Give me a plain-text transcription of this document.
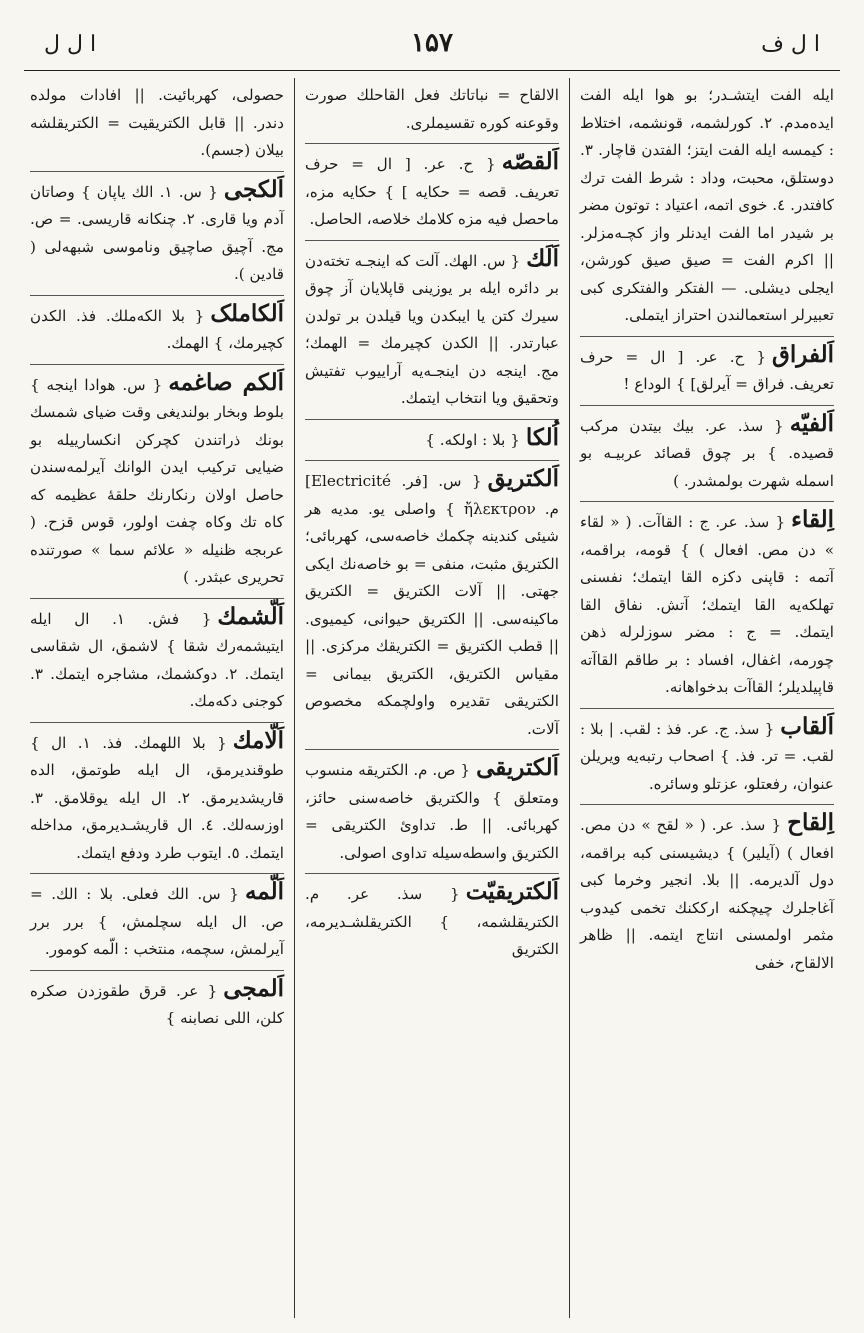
ا ل ف
۱۵۷
ا ل ل

ایله الفت ایتشـدر؛ بو هوا ایله الفت ایده‌مدم. ۲. کورلشمه، قونشمه، اختلاط : کیمسه ایله الفت ایتز؛ الفتدن قاچار. ۳. دوستلق، محبت، وداد : شرط الفت ترك کافتدر. ٤. خوی اتمه، اعتیاد : توتون مضر بر شیدر اما الفت ایدنلر واز کچـه‌مزلر. || اکرم الفت = صیق صیق کورشن، ایجلی دیشلی. — الفتکر والفتکری کبی تعبیرلر استعمالندن احتراز ایتملی.

اَلفراق{ ح. عر. [ ال = حرف تعریف. فراق = آیرلق] } الوداع !

اَلفیّه{ سذ. عر. بیك بیتدن مرکب قصیده. } بر چوق قصائد عربیـه بو اسمله شهرت بولمشدر. )

اِلقاء{ سذ. عر. ج : القاآت. ( « لقاء » دن مص. افعال ) } قومه، براقمه، آتمه : قاپنی دکزه القا ایتمك؛ نفسنی تهلکه‌یه القا ایتمك؛ آتش. نفاق القا ایتمك. = ج : مضر سوزلرله ذهن چورمه، اغفال، افساد : بر طاقم القاآته قاپیلدیلر؛ القاآت بدخواهانه.

اَلقاب{ سذ. ج. عر. فذ : لقب. | بلا : لقب. = تر. فذ. } اصحاب رتبه‌یه ویریلن عنوان، رفعتلو، عزتلو وسائره.

اِلقاح{ سذ. عر. ( « لقح » دن مص. افعال ) (آیلیر) } دیشیسنی کبه براقمه، دول آلدیرمه. || بلا. انجیر وخرما کبی آغاجلرك چیچکنه ارککنك تخمی کیدوب مثمر اولمسنی انتاج ایتمه. || ظاهر الالقاح، خفی

الالقاح = نباتاتك فعل القاحلك صورت وقوعنه کوره تقسیملری.

اَلقصّه{ ح. عر. [ ال = حرف تعریف. قصه = حکایه ] } حکایه مزه، ماحصل فیه مزه کلامك خلاصه، الحاصل.

اَلَك{ س. الهك. آلت که اینجـه تخته‌دن بر دائره ایله بر یوزینی قاپلایان آز چوق سیرك کتن یا ایبکدن ویا قیلدن بر تولدن عبارتدر. || الکدن کچیرمك = الهمك؛ مج. اینجه دن اینجـه‌یه آراییوب تفتیش وتحقیق ویا انتخاب ایتمك.

اُلکا{ بلا : اولکه. }

اَلکتریق{ س. [فر. Electricité] م. ἤλεκτρον } واصلی یو. مدیه هر شیئی کندینه چکمك خاصه‌سی، کهربائی؛ الکتریق مثبت، منفی = بو خاصه‌نك ایکی جهتی. || آلات الکتریق = الکتریق ماکینه‌سی. || الکتریق حیوانی، کیمیوی. || قطب الکتریق = الکتریقك مرکزی. || مقیاس الکتریق، الکتریق بیمانی = الکتریقی تقدیره واولچمکه مخصوص آلات.

اَلکتریقی{ ص. م. الکتریقه منسوب ومتعلق } والکتریق خاصه‌سنی حائز، کهربائی. || ط. تداوئ الکتریقی = الکتریق واسطه‌سیله تداوی اصولی.

اَلکتریقیّت{ سذ. عر. م. الکتریقلشمه، } الکتریقلشـدیرمه، الکتریق

حصولی، کهربائیت. || افادات مولده دندر. || قابل الکتریقیت = الکتریقلشه بیلان (جسم).

اَلکجی{ س. ۱. الك یاپان } وصاتان آدم ویا قاری. ۲. چنکانه قاریسی. = ص. مج. آچیق صاچیق وناموسی شبهه‌لی ( قادین ).

اَلکاملک{ بلا الکه‌ملك. فذ. الکدن کچیرمك، } الهمك.

اَلکم صاغمه{ س. هوادا اینجه } بلوط وبخار بولندیغی وقت ضیای شمسك بونك ذراتندن کچرکن انکسارییله بو ضیایی ترکیب ایدن الوانك آیرلمه‌سندن حاصل اولان رنکارنك حلقهٔ عظیمه که کاه تك وکاه چفت اولور، قوس قزح. ( عربجه ظنیله « علائم سما » صورتنده تحریری عبثدر. )

اَلّشمك{ فش. ۱. ال ایله ایتیشمه‌رك شقا‌ } لاشمق، ال شقاسی ایتمك. ۲. دوکشمك، مشاجره ایتمك. ۳. کوجنی دکه‌مك.

اَلّامك{ بلا اللهمك. فذ. ۱. ال } طوقندیرمق، ال ایله طوتمق، الده قاریشدیرمق. ۲. ال ایله یوقلامق. ۳. اوزسه‌لك. ٤. ال قاریشـدیرمق، مداخله ایتمك. ٥. ایتوب طرد ودفع ایتمك.

اَلّمه{ س. الك فعلی. بلا : الك. = ص. ال ایله سچلمش، } برر برر آیرلمش، سچمه، منتخب : الّمه کومور.

اَلمجی{ عر. قرق طقوزدن صکره کلن، اللی نصابنه }
